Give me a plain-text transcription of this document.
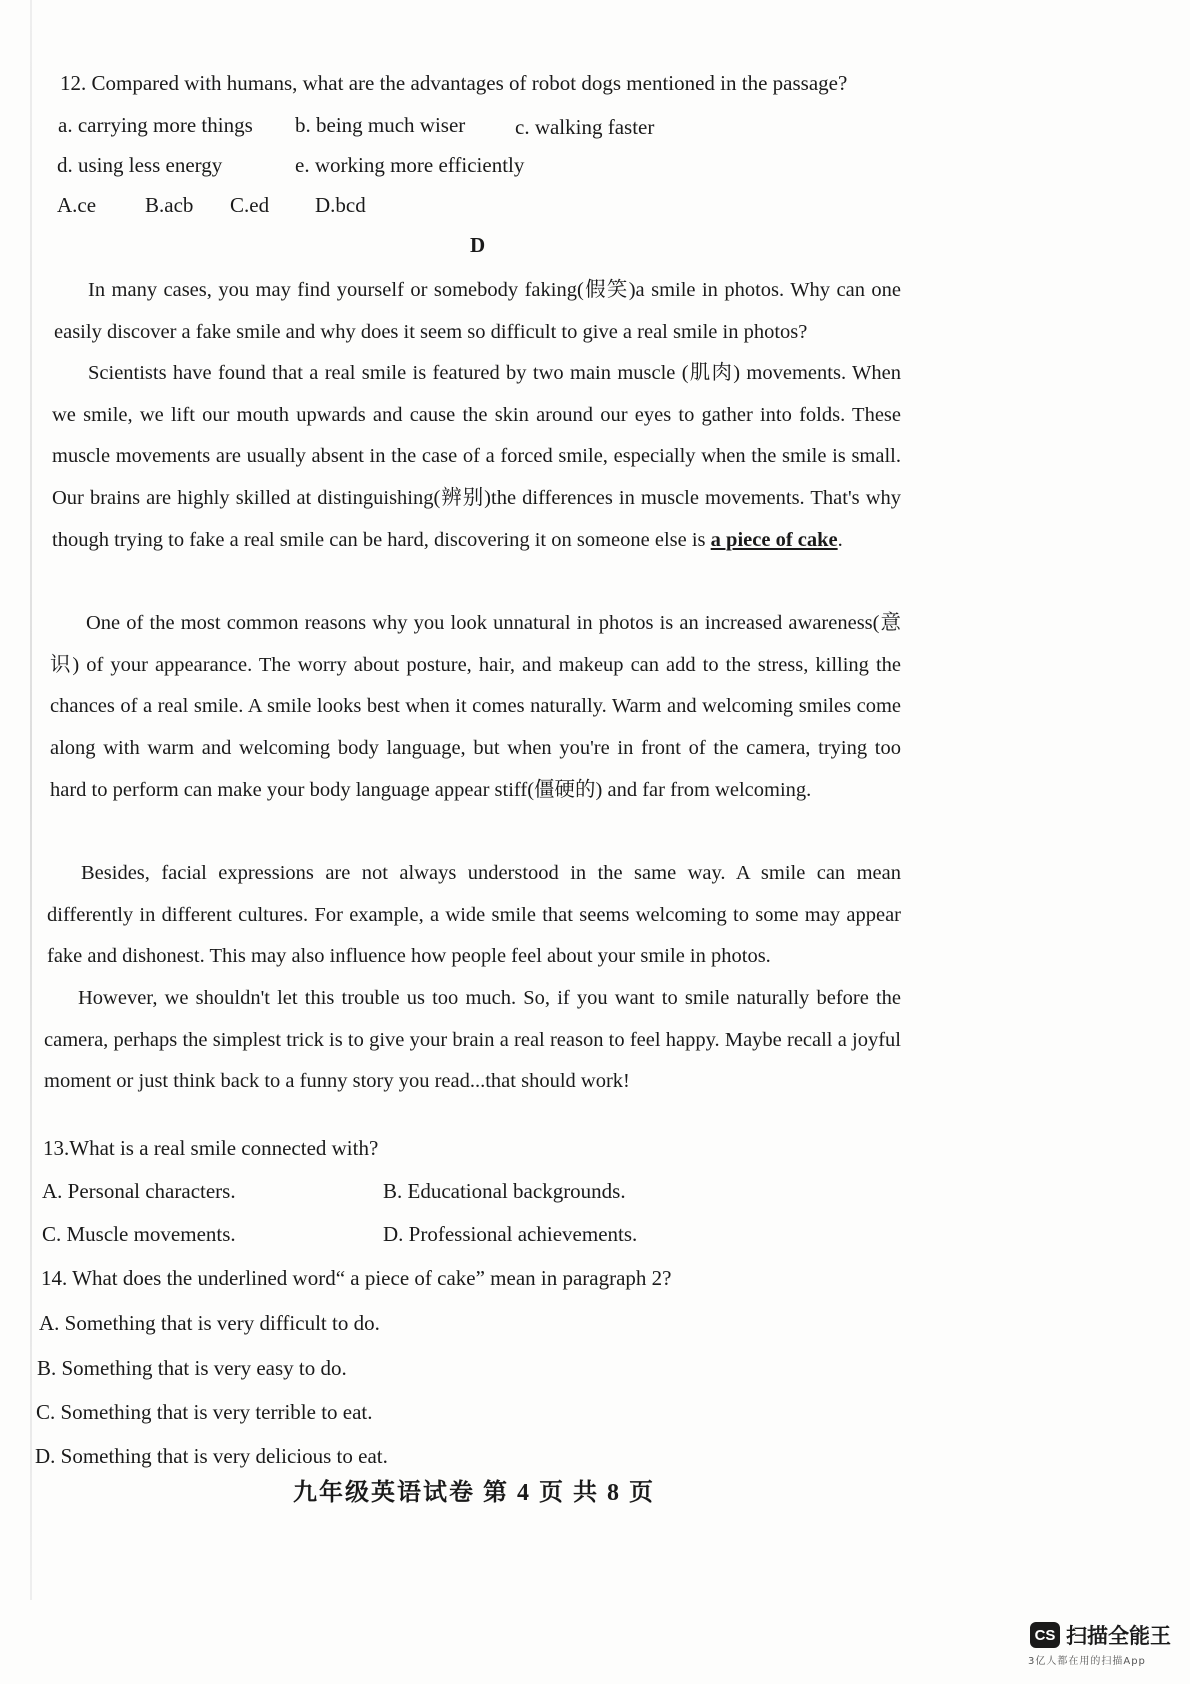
12. Compared with humans, what are the advantages of robot dogs mentioned in the passage?
a. carrying more things b. being much wiser c. walking faster
d. using less energy	e. working more efficiently
A.ce B.acb C.ed D.bcd
D
In many cases, you may find yourself or somebody faking(假笑)a smile in photos. Why can one easily discover a fake smile and why does it seem so difficult to give a real smile in photos?
Scientists have found that a real smile is featured by two main muscle (肌肉) movements. When we smile, we lift our mouth upwards and cause the skin around our eyes to gather into folds. These muscle movements are usually absent in the case of a forced smile, especially when the smile is small. Our brains are highly skilled at distinguishing(辨别)the differences in muscle movements. That's why though trying to fake a real smile can be hard, discovering it on someone else is a piece of cake.
One of the most common reasons why you look unnatural in photos is an increased awareness(意识) of your appearance. The worry about posture, hair, and makeup can add to the stress, killing the chances of a real smile. A smile looks best when it comes naturally. Warm and welcoming smiles come along with warm and welcoming body language, but when you're in front of the camera, trying too hard to perform can make your body language appear stiff(僵硬的) and far from welcoming.
Besides, facial expressions are not always understood in the same way. A smile can mean differently in different cultures. For example, a wide smile that seems welcoming to some may appear fake and dishonest. This may also influence how people feel about your smile in photos.
However, we shouldn't let this trouble us too much. So, if you want to smile naturally before the camera, perhaps the simplest trick is to give your brain a real reason to feel happy. Maybe recall a joyful moment or just think back to a funny story you read...that should work!
13.What is a real smile connected with?
A. Personal characters.	B. Educational backgrounds.
C. Muscle movements.	D. Professional achievements.
14. What does the underlined word“ a piece of cake” mean in paragraph 2?
A. Something that is very difficult to do.
B. Something that is very easy to do.
C. Something that is very terrible to eat.
D. Something that is very delicious to eat.
九年级英语试卷 第 4 页 共 8 页
CS 扫描全能王
3亿人都在用的扫描App
